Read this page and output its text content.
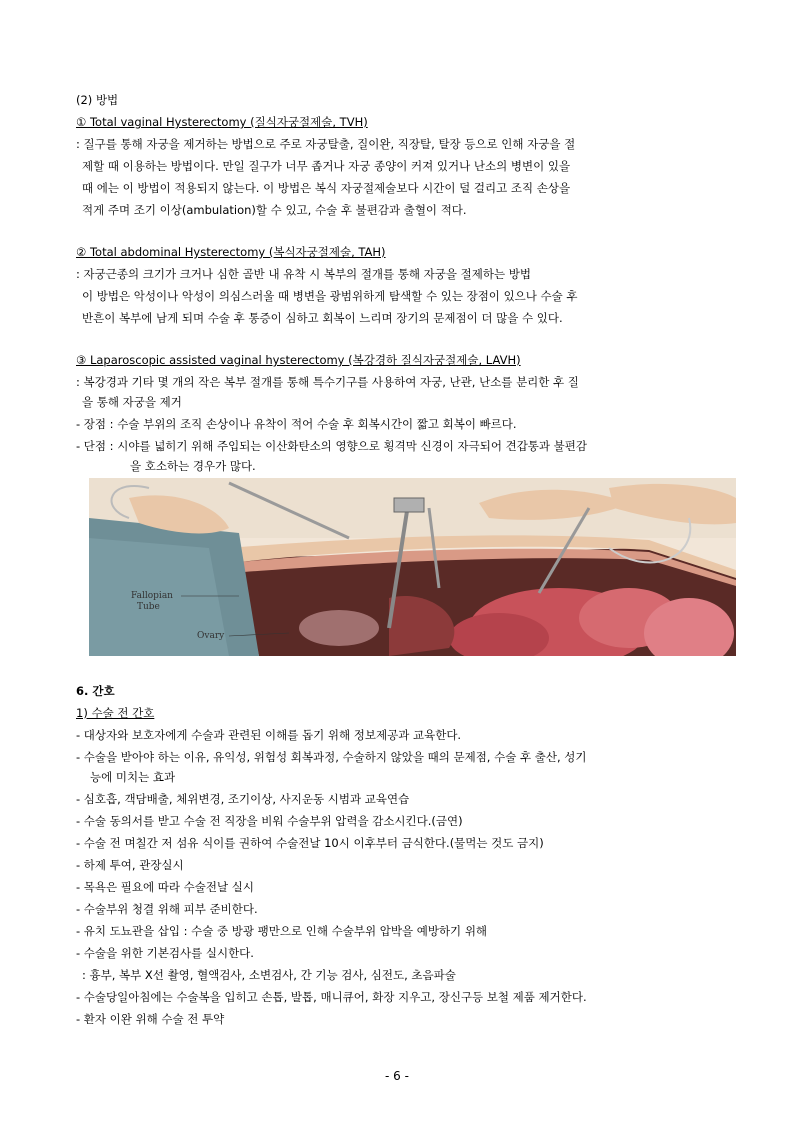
(2) 방법
① Total vaginal Hysterectomy (질식자궁절제술, TVH)
: 질구를 통해 자궁을 제거하는 방법으로 주로 자궁탈출, 질이완, 직장탈, 탈장 등으로 인해 자궁을 절
제할 때 이용하는 방법이다. 만일 질구가 너무 좁거나 자궁 종양이 커져 있거나 난소의 병변이 있을
때 에는 이 방법이 적용되지 않는다. 이 방법은 복식 자궁절제술보다 시간이 덜 걸리고 조직 손상을
적게 주며 조기 이상(ambulation)할 수 있고, 수술 후 불편감과 출혈이 적다.
② Total abdominal Hysterectomy (복식자궁절제술, TAH)
: 자궁근종의 크기가 크거나 심한 골반 내 유착 시 복부의 절개를 통해 자궁을 절제하는 방법
이 방법은 악성이나 악성이 의심스러울 때 병변을 광범위하게 탐색할 수 있는 장점이 있으나 수술 후
반흔이 복부에 남게 되며 수술 후 통증이 심하고 회복이 느리며 장기의 문제점이 더 많을 수 있다.
③ Laparoscopic assisted vaginal hysterectomy (복강경하 질식자궁절제술, LAVH)
: 복강경과 기타 몇 개의 작은 복부 절개를 통해 특수기구를 사용하여 자궁, 난관, 난소를 분리한 후 질
을 통해 자궁을 제거
- 장점 : 수술 부위의 조직 손상이나 유착이 적어 수술 후 회복시간이 짧고 회복이 빠르다.
- 단점 : 시야를 넓히기 위해 주입되는 이산화탄소의 영향으로 횡격막 신경이 자극되어 견갑통과 불편감
을 호소하는 경우가 많다.
Fallopian
Tube
Ovary
6. 간호
1) 수술 전 간호
- 대상자와 보호자에게 수술과 관련된 이해를 돕기 위해 정보제공과 교육한다.
- 수술을 받아야 하는 이유, 유익성, 위험성 회복과정, 수술하지 않았을 때의 문제점, 수술 후 출산, 성기
능에 미치는 효과
- 심호흡, 객담배출, 체위변경, 조기이상, 사지운동 시범과 교육연습
- 수술 동의서를 받고 수술 전 직장을 비워 수술부위 압력을 감소시킨다.(금연)
- 수술 전 며칠간 저 섬유 식이를 권하여 수술전날 10시 이후부터 금식한다.(물먹는 것도 금지)
- 하제 투여, 관장실시
- 목욕은 필요에 따라 수술전날 실시
- 수술부위 청결 위해 피부 준비한다.
- 유치 도뇨관을 삽입 : 수술 중 방광 팽만으로 인해 수술부위 압박을 예방하기 위해
- 수술을 위한 기본검사를 실시한다.
: 흉부, 복부 X선 촬영, 혈액검사, 소변검사, 간 기능 검사, 심전도, 초음파술
- 수술당일아침에는 수술복을 입히고 손톱, 발톱, 매니큐어, 화장 지우고, 장신구등 보철 제품 제거한다.
- 환자 이완 위해 수술 전 투약
- 6 -
